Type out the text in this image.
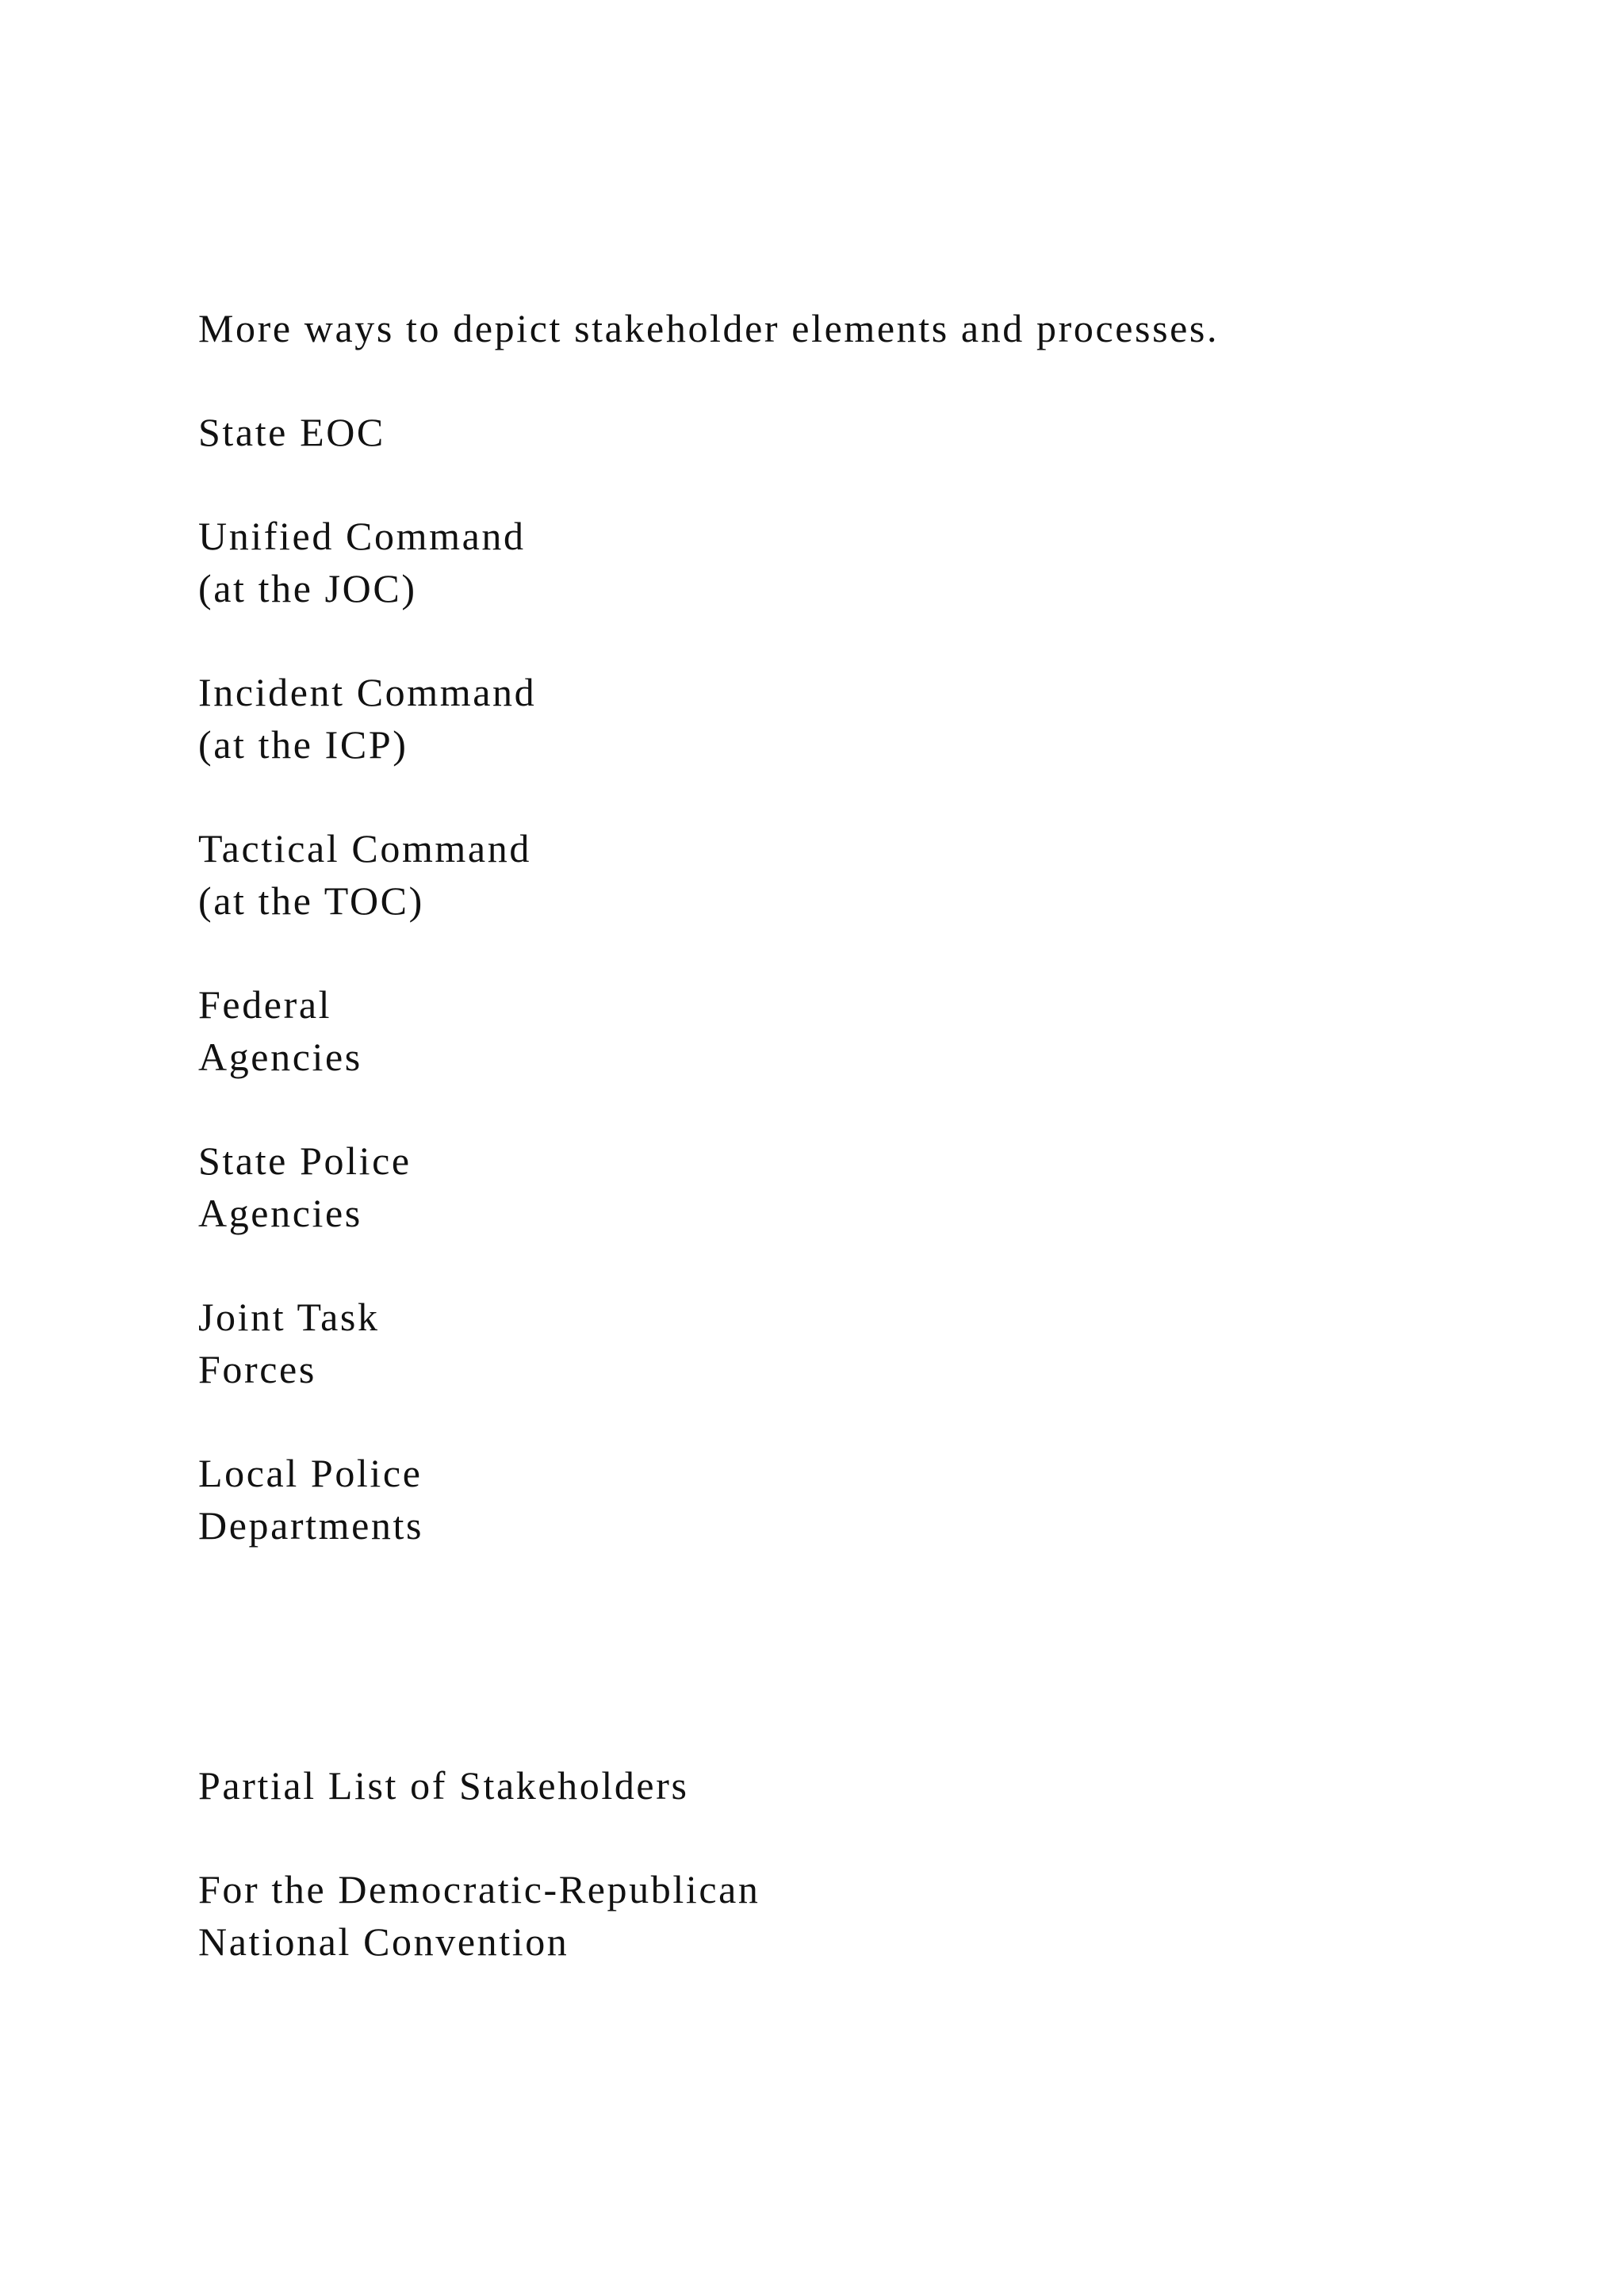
More ways to depict stakeholder elements and processes.

State EOC

Unified Command

(at the JOC)

Incident Command

(at the ICP)

Tactical Command

(at the TOC)

Federal

Agencies

State Police

Agencies

Joint Task

Forces

Local Police

Departments

Partial List of Stakeholders

For the Democratic-Republican

National Convention
